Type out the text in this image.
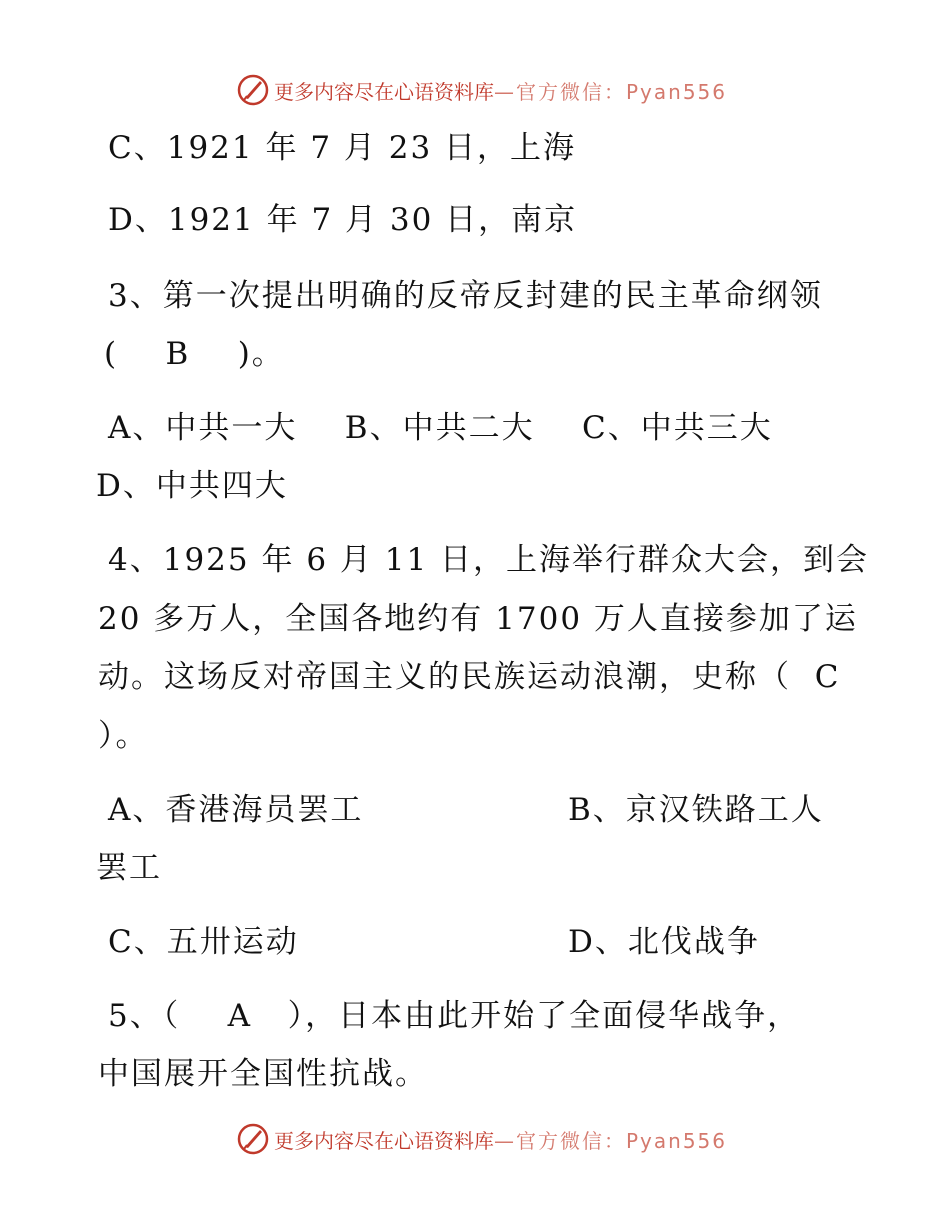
更多内容尽在心语资料库 —官方微信：Pyan556
C、1921 年 7 月 23 日，上海
D、1921 年 7 月 30 日，南京
3、第一次提出明确的反帝反封建的民主革命纲领
(    B    )。
A、中共一大    B、中共二大    C、中共三大
D、中共四大
4、1925 年 6 月 11 日，上海举行群众大会，到会
20 多万人，全国各地约有 1700 万人直接参加了运
动。这场反对帝国主义的民族运动浪潮，史称（  C
）。
A、香港海员罢工	B、京汉铁路工人
罢工
C、五卅运动	D、北伐战争
5、（    A   ），日本由此开始了全面侵华战争，
中国展开全国性抗战。
更多内容尽在心语资料库 —官方微信：Pyan556
